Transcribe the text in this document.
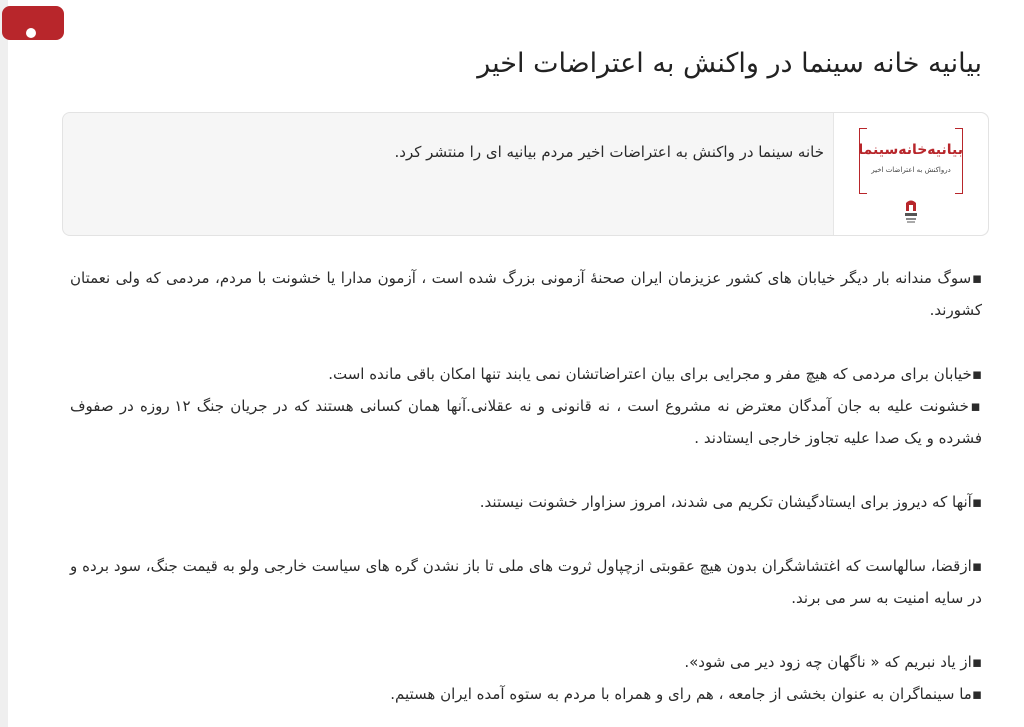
بیانیه خانه سینما در واکنش به اعتراضات اخیر
بیانیه‌خانه‌سینما
درواکنش به اعتراضات اخیر

خانه سینما در واکنش به اعتراضات اخیر مردم بیانیه ای را منتشر کرد.

▪︎سوگ مندانه بار دیگر خیابان های کشور عزیزمان ایران صحنهٔ آزمونی بزرگ شده است ، آزمون مدارا یا خشونت با مردم، مردمی که ولی نعمتان کشورند.

▪︎خیابان برای مردمی که هیچ مفر و مجرایی برای بیان اعتراضاتشان نمی یابند تنها امکان باقی مانده است.

▪︎خشونت علیه به جان آمدگان معترض نه مشروع است ، نه قانونی و نه عقلانی.آنها همان کسانی هستند که در جریان جنگ ۱۲ روزه در صفوف فشرده و یک صدا علیه تجاوز خارجی ایستادند .

▪︎آنها که دیروز برای ایستادگیشان تکریم می شدند، امروز سزاوار خشونت نیستند.

▪︎ازقضا، سالهاست که اغتشاشگران بدون هیچ عقوبتی ازچپاول ثروت های ملی تا باز نشدن گره های سیاست خارجی ولو به قیمت جنگ، سود برده و در سایه امنیت به سر می برند.

▪︎از یاد نبریم که « ناگهان چه زود دیر می شود».

▪︎ما سینماگران به عنوان بخشی از جامعه ، هم رای و همراه با مردم به ستوه آمده ایران هستیم.
